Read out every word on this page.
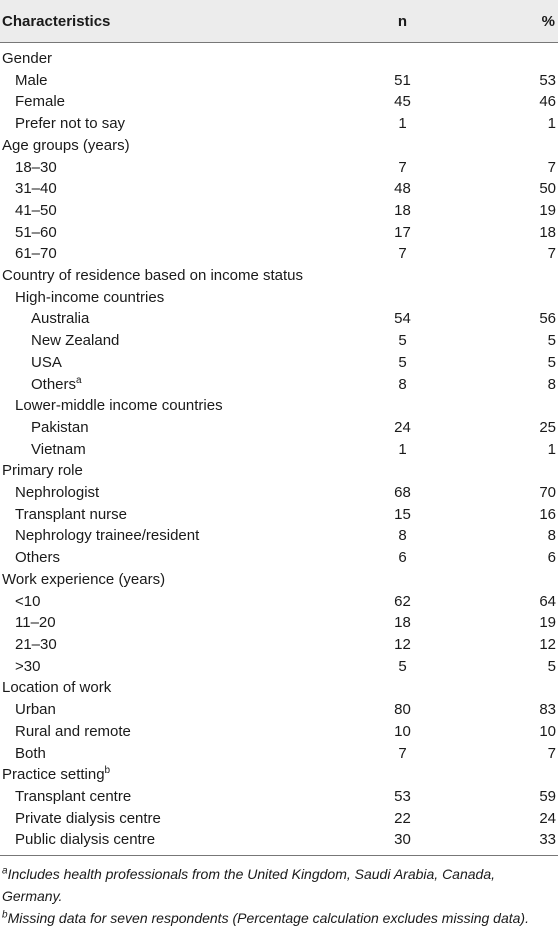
Characteristics	n	%
Gender		
Male	51	53
Female	45	46
Prefer not to say	1	1
Age groups (years)		
18–30	7	7
31–40	48	50
41–50	18	19
51–60	17	18
61–70	7	7
Country of residence based on income status		
High-income countries		
Australia	54	56
New Zealand	5	5
USA	5	5
Others$^a$	8	8
Lower-middle income countries		
Pakistan	24	25
Vietnam	1	1
Primary role		
Nephrologist	68	70
Transplant nurse	15	16
Nephrology trainee/resident	8	8
Others	6	6
Work experience (years)		
<10	62	64
11–20	18	19
21–30	12	12
>30	5	5
Location of work		
Urban	80	83
Rural and remote	10	10
Both	7	7
Practice setting$^b$		
Transplant centre	53	59
Private dialysis centre	22	24
Public dialysis centre	30	33

$^a$Includes health professionals from the United Kingdom, Saudi Arabia, Canada, Germany.

$^b$Missing data for seven respondents (Percentage calculation excludes missing data).
